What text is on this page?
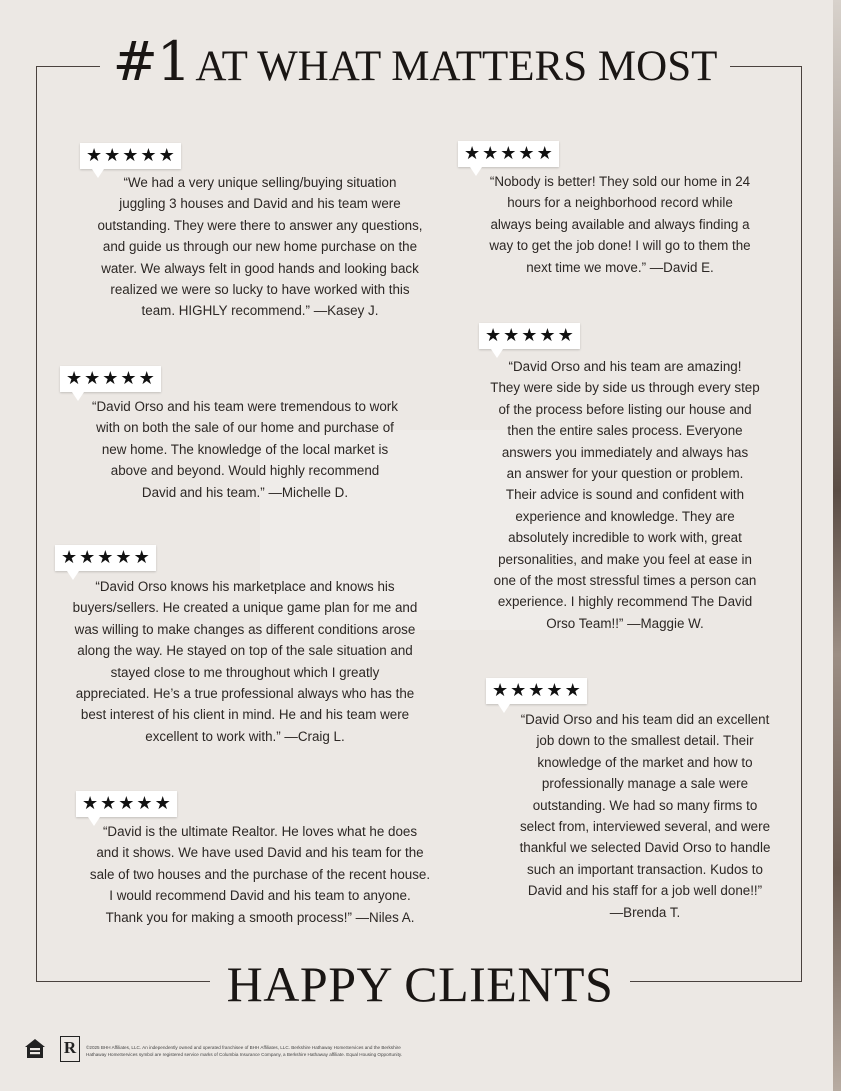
#1 AT WHAT MATTERS MOST
★ ★ ★ ★ ★
“We had a very unique selling/buying situation
juggling 3 houses and David and his team were
outstanding. They were there to answer any questions,
and guide us through our new home purchase on the
water. We always felt in good hands and looking back
realized we were so lucky to have worked with this
team. HIGHLY recommend.” —Kasey J.
★ ★ ★ ★ ★
“David Orso and his team were tremendous to work
with on both the sale of our home and purchase of
new home. The knowledge of the local market is
above and beyond. Would highly recommend
David and his team.” —Michelle D.
★ ★ ★ ★ ★
“David Orso knows his marketplace and knows his
buyers/sellers. He created a unique game plan for me and
was willing to make changes as different conditions arose
along the way. He stayed on top of the sale situation and
stayed close to me throughout which I greatly
appreciated. He’s a true professional always who has the
best interest of his client in mind. He and his team were
excellent to work with.” —Craig L.
★ ★ ★ ★ ★
“David is the ultimate Realtor. He loves what he does
and it shows. We have used David and his team for the
sale of two houses and the purchase of the recent house.
I would recommend David and his team to anyone.
Thank you for making a smooth process!” —Niles A.
★ ★ ★ ★ ★
“Nobody is better! They sold our home in 24
hours for a neighborhood record while
always being available and always finding a
way to get the job done! I will go to them the
next time we move.” —David E.
★ ★ ★ ★ ★
“David Orso and his team are amazing!
They were side by side us through every step
of the process before listing our house and
then the entire sales process. Everyone
answers you immediately and always has
an answer for your question or problem.
Their advice is sound and confident with
experience and knowledge. They are
absolutely incredible to work with, great
personalities, and make you feel at ease in
one of the most stressful times a person can
experience. I highly recommend The David
Orso Team!!” —Maggie W.
★ ★ ★ ★ ★
“David Orso and his team did an excellent
job down to the smallest detail. Their
knowledge of the market and how to
professionally manage a sale were
outstanding. We had so many firms to
select from, interviewed several, and were
thankful we selected David Orso to handle
such an important transaction. Kudos to
David and his staff for a job well done!!”
—Brenda T.
HAPPY CLIENTS
R	©2025 BHH Affiliates, LLC. An independently owned and operated franchisee of BHH Affiliates, LLC. Berkshire Hathaway HomeServices and the Berkshire
Hathaway HomeServices symbol are registered service marks of Columbia Insurance Company, a Berkshire Hathaway affiliate. Equal Housing Opportunity.
